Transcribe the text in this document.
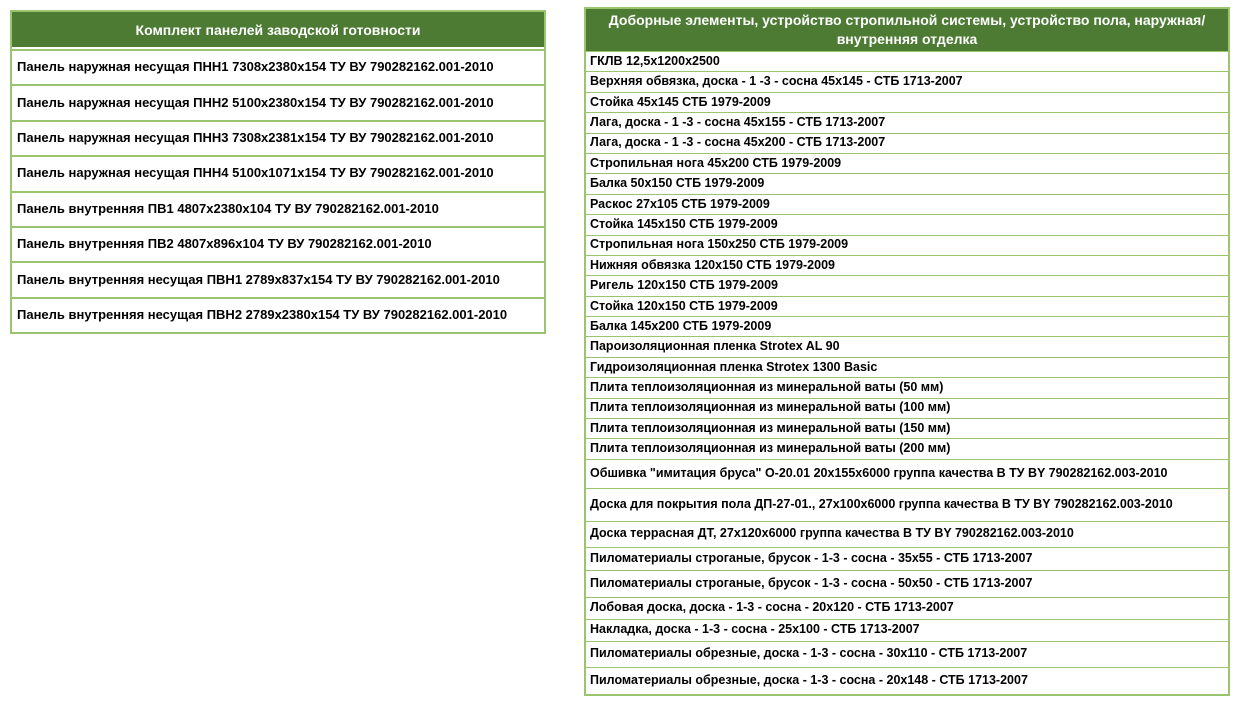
Комплект панелей заводской готовности
Панель наружная несущая ПНН1 7308х2380х154 ТУ ВУ 790282162.001-2010
Панель наружная несущая ПНН2 5100х2380х154 ТУ ВУ 790282162.001-2010
Панель наружная несущая ПНН3 7308х2381х154 ТУ ВУ 790282162.001-2010
Панель наружная несущая ПНН4 5100х1071х154 ТУ ВУ 790282162.001-2010
Панель внутренняя ПВ1 4807х2380х104 ТУ ВУ 790282162.001-2010
Панель внутренняя ПВ2 4807х896х104 ТУ ВУ 790282162.001-2010
Панель внутренняя несущая ПВН1 2789х837х154 ТУ ВУ 790282162.001-2010
Панель внутренняя несущая ПВН2 2789х2380х154 ТУ ВУ 790282162.001-2010
Доборные элементы, устройство стропильной системы, устройство пола, наружная/внутренняя отделка
ГКЛВ 12,5х1200х2500
Верхняя обвязка, доска - 1 -3 - сосна 45х145 - СТБ 1713-2007
Стойка 45х145 СТБ 1979-2009
Лага, доска - 1 -3 - сосна 45х155 - СТБ 1713-2007
Лага, доска - 1 -3 - сосна 45х200 - СТБ 1713-2007
Стропильная нога 45х200 СТБ 1979-2009
Балка 50х150 СТБ 1979-2009
Раскос 27х105 СТБ 1979-2009
Стойка 145х150 СТБ 1979-2009
Стропильная нога 150х250 СТБ 1979-2009
Нижняя обвязка 120х150 СТБ 1979-2009
Ригель 120х150 СТБ 1979-2009
Стойка 120х150 СТБ 1979-2009
Балка 145х200 СТБ 1979-2009
Пароизоляционная пленка Strotex AL 90
Гидроизоляционная пленка Strotex 1300 Basic
Плита теплоизоляционная из минеральной ваты (50 мм)
Плита теплоизоляционная из минеральной ваты (100 мм)
Плита теплоизоляционная из минеральной ваты (150 мм)
Плита теплоизоляционная из минеральной ваты (200 мм)
Обшивка "имитация бруса" О-20.01 20х155х6000 группа качества В ТУ BY 790282162.003-2010
Доска для покрытия пола ДП-27-01., 27х100х6000 группа качества В ТУ BY 790282162.003-2010
Доска террасная ДТ, 27х120х6000 группа качества В ТУ BY 790282162.003-2010
Пиломатериалы строганые, брусок - 1-3 - сосна - 35х55 - СТБ 1713-2007
Пиломатериалы строганые, брусок - 1-3 - сосна - 50х50 - СТБ 1713-2007
Лобовая доска, доска - 1-3 - сосна - 20х120 - СТБ 1713-2007
Накладка, доска - 1-3 - сосна - 25х100 - СТБ 1713-2007
Пиломатериалы обрезные, доска - 1-3 - сосна - 30х110 - СТБ 1713-2007
Пиломатериалы обрезные, доска - 1-3 - сосна - 20х148 - СТБ 1713-2007
